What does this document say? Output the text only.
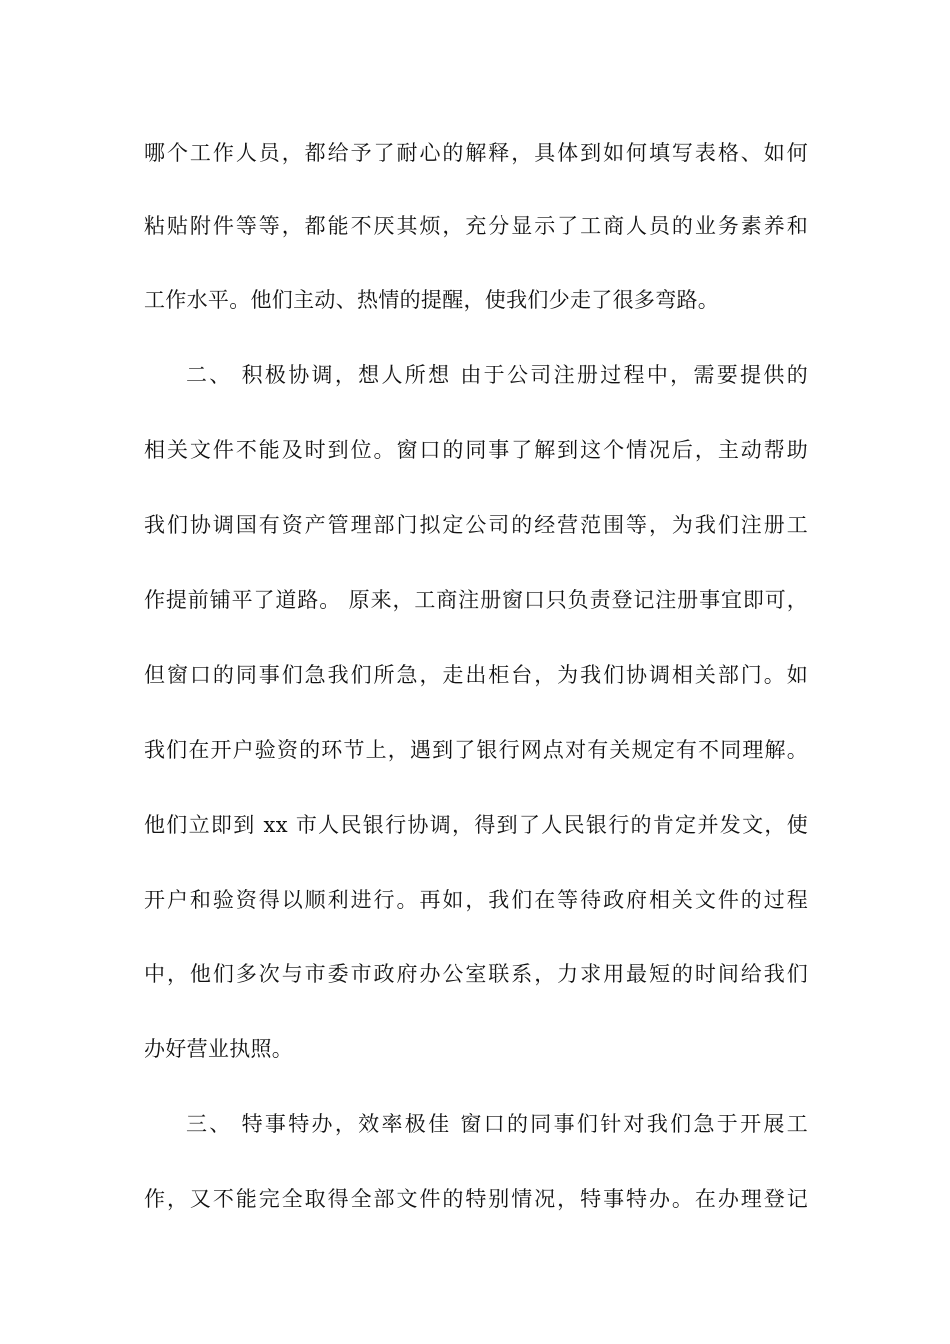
哪个工作人员，都给予了耐心的解释，具体到如何填写表格、如何
粘贴附件等等，都能不厌其烦，充分显示了工商人员的业务素养和
工作水平。他们主动、热情的提醒，使我们少走了很多弯路。
二、 积极协调，想人所想 由于公司注册过程中，需要提供的
相关文件不能及时到位。窗口的同事了解到这个情况后，主动帮助
我们协调国有资产管理部门拟定公司的经营范围等，为我们注册工
作提前铺平了道路。 原来，工商注册窗口只负责登记注册事宜即可，
但窗口的同事们急我们所急，走出柜台，为我们协调相关部门。如
我们在开户验资的环节上，遇到了银行网点对有关规定有不同理解。
他们立即到 xx 市人民银行协调，得到了人民银行的肯定并发文，使
开户和验资得以顺利进行。再如，我们在等待政府相关文件的过程
中，他们多次与市委市政府办公室联系，力求用最短的时间给我们
办好营业执照。
三、 特事特办，效率极佳 窗口的同事们针对我们急于开展工
作，又不能完全取得全部文件的特别情况，特事特办。在办理登记
